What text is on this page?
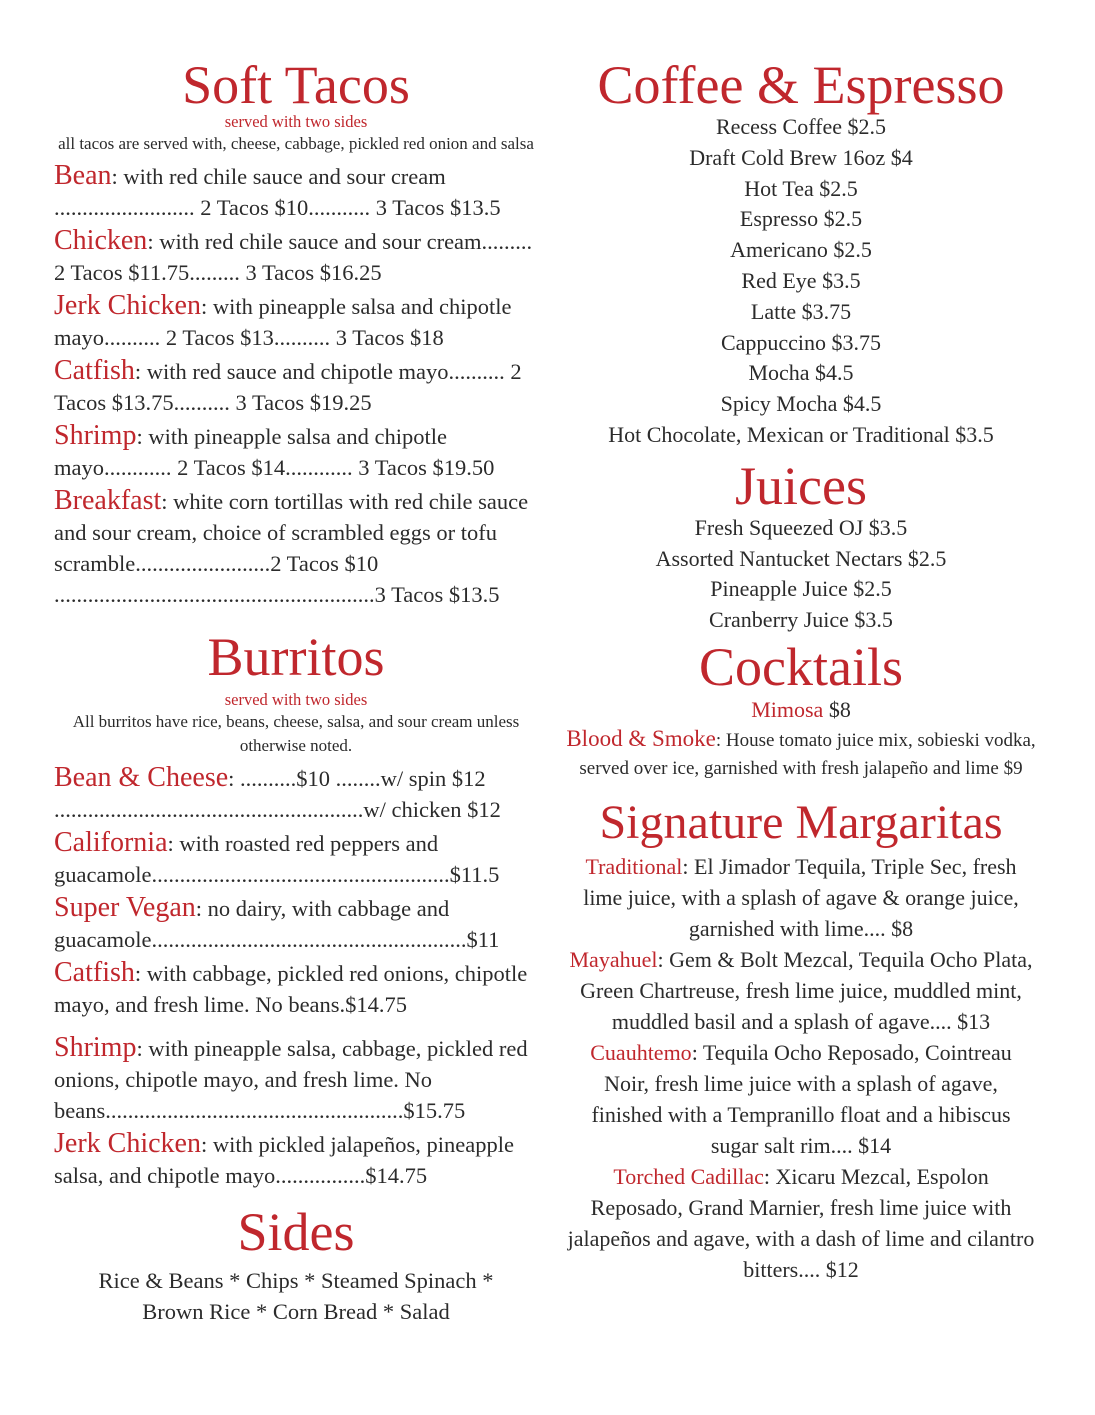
Soft Tacos
served with two sides
all tacos are served with, cheese, cabbage, pickled red onion and salsa
Bean: with red chile sauce and sour cream ......................... 2 Tacos $10........... 3 Tacos $13.5
Chicken: with red chile sauce and sour cream......... 2 Tacos $11.75......... 3 Tacos $16.25
Jerk Chicken: with pineapple salsa and chipotle mayo.......... 2 Tacos $13.......... 3 Tacos $18
Catfish: with red sauce and chipotle mayo.......... 2 Tacos $13.75.......... 3 Tacos $19.25
Shrimp: with pineapple salsa and chipotle mayo............ 2 Tacos $14............ 3 Tacos $19.50
Breakfast: white corn tortillas with red chile sauce and sour cream, choice of scrambled eggs or tofu scramble........................2 Tacos $10 .........................................................3 Tacos $13.5
Burritos
served with two sides
All burritos have rice, beans, cheese, salsa, and sour cream unless otherwise noted.
Bean & Cheese: ..........$10 ........w/ spin $12 .......................................................w/ chicken $12
California: with roasted red peppers and guacamole.....................................................$11.5
Super Vegan: no dairy, with cabbage and guacamole........................................................$11
Catfish: with cabbage, pickled red onions, chipotle mayo, and fresh lime. No beans.$14.75
Shrimp: with pineapple salsa, cabbage, pickled red onions, chipotle mayo, and fresh lime. No beans.....................................................$15.75
Jerk Chicken: with pickled jalapeños, pineapple salsa, and chipotle mayo................$14.75
Sides
Rice & Beans * Chips * Steamed Spinach *
Brown Rice * Corn Bread * Salad
Coffee & Espresso
Recess Coffee $2.5
Draft Cold Brew 16oz $4
Hot Tea $2.5
Espresso $2.5
Americano $2.5
Red Eye $3.5
Latte $3.75
Cappuccino $3.75
Mocha $4.5
Spicy Mocha $4.5
Hot Chocolate, Mexican or Traditional $3.5
Juices
Fresh Squeezed OJ $3.5
Assorted Nantucket Nectars $2.5
Pineapple Juice $2.5
Cranberry Juice $3.5
Cocktails
Mimosa $8
Blood & Smoke: House tomato juice mix, sobieski vodka, served over ice, garnished with fresh jalapeño and lime $9
Signature Margaritas
Traditional: El Jimador Tequila, Triple Sec, fresh lime juice, with a splash of agave & orange juice, garnished with lime.... $8
Mayahuel: Gem & Bolt Mezcal, Tequila Ocho Plata, Green Chartreuse, fresh lime juice, muddled mint, muddled basil and a splash of agave.... $13
Cuauhtemo: Tequila Ocho Reposado, Cointreau Noir, fresh lime juice with a splash of agave, finished with a Tempranillo float and a hibiscus sugar salt rim.... $14
Torched Cadillac: Xicaru Mezcal, Espolon Reposado, Grand Marnier, fresh lime juice with jalapeños and agave, with a dash of lime and cilantro bitters.... $12
